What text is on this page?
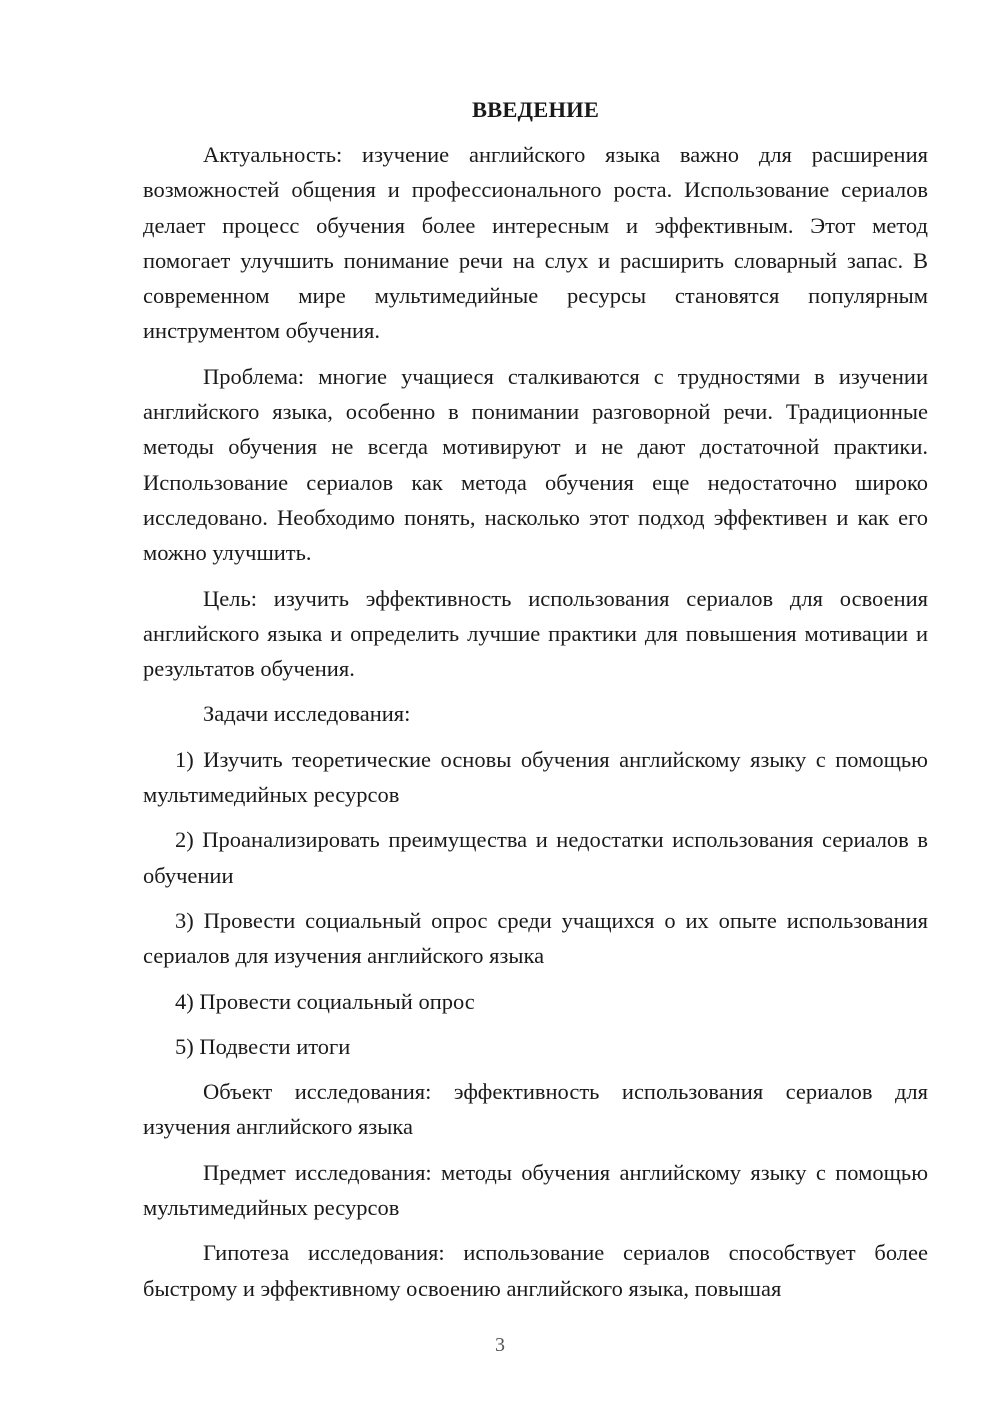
ВВЕДЕНИЕ

Актуальность: изучение английского языка важно для расширения возможностей общения и профессионального роста. Использование сериалов делает процесс обучения более интересным и эффективным. Этот метод помогает улучшить понимание речи на слух и расширить словарный запас. В современном мире мультимедийные ресурсы становятся популярным инструментом обучения.

Проблема: многие учащиеся сталкиваются с трудностями в изучении английского языка, особенно в понимании разговорной речи. Традиционные методы обучения не всегда мотивируют и не дают достаточной практики. Использование сериалов как метода обучения еще недостаточно широко исследовано. Необходимо понять, насколько этот подход эффективен и как его можно улучшить.

Цель: изучить эффективность использования сериалов для освоения английского языка и определить лучшие практики для повышения мотивации и результатов обучения.

Задачи исследования:

1) Изучить теоретические основы обучения английскому языку с помощью мультимедийных ресурсов

2) Проанализировать преимущества и недостатки использования сериалов в обучении

3) Провести социальный опрос среди учащихся о их опыте использования сериалов для изучения английского языка

4) Провести социальный опрос

5) Подвести итоги

Объект исследования: эффективность использования сериалов для изучения английского языка

Предмет исследования: методы обучения английскому языку с помощью мультимедийных ресурсов

Гипотеза исследования: использование сериалов способствует более быстрому и эффективному освоению английского языка, повышая

3
